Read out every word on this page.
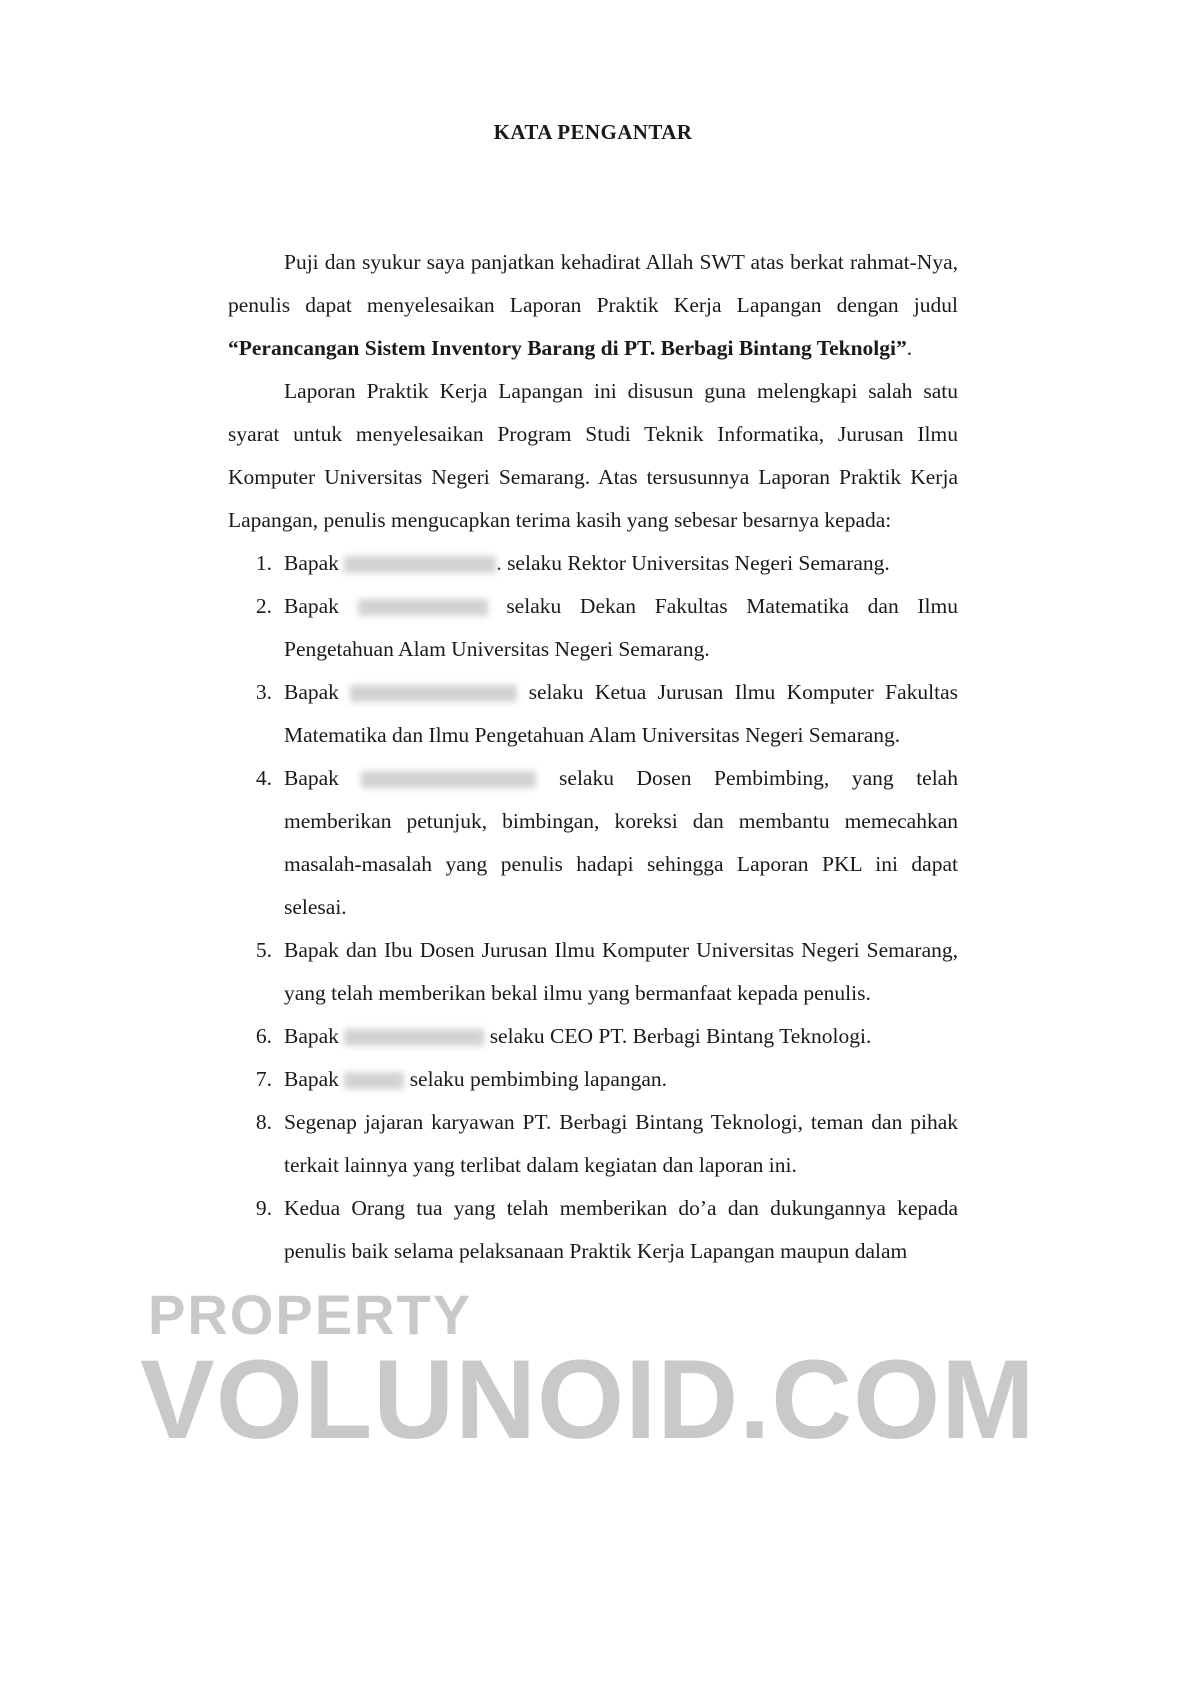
KATA PENGANTAR

Puji dan syukur saya panjatkan kehadirat Allah SWT atas berkat rahmat-Nya, penulis dapat menyelesaikan Laporan Praktik Kerja Lapangan dengan judul “Perancangan Sistem Inventory Barang di PT. Berbagi Bintang Teknolgi”.

Laporan Praktik Kerja Lapangan ini disusun guna melengkapi salah satu syarat untuk menyelesaikan Program Studi Teknik Informatika, Jurusan Ilmu Komputer Universitas Negeri Semarang. Atas tersusunnya Laporan Praktik Kerja Lapangan, penulis mengucapkan terima kasih yang sebesar besarnya kepada:

Bapak	. selaku Rektor Universitas Negeri Semarang.
Bapak	selaku Dekan Fakultas Matematika dan Ilmu Pengetahuan Alam Universitas Negeri Semarang.
Bapak	selaku Ketua Jurusan Ilmu Komputer Fakultas Matematika dan Ilmu Pengetahuan Alam Universitas Negeri Semarang.
Bapak	selaku Dosen Pembimbing, yang telah memberikan petunjuk, bimbingan, koreksi dan membantu memecahkan masalah-masalah yang penulis hadapi sehingga Laporan PKL ini dapat selesai.
Bapak dan Ibu Dosen Jurusan Ilmu Komputer Universitas Negeri Semarang, yang telah memberikan bekal ilmu yang bermanfaat kepada penulis.
Bapak	selaku CEO PT. Berbagi Bintang Teknologi.
Bapak	selaku pembimbing lapangan.
Segenap jajaran karyawan PT. Berbagi Bintang Teknologi, teman dan pihak terkait lainnya yang terlibat dalam kegiatan dan laporan ini.
Kedua Orang tua yang telah memberikan do’a dan dukungannya kepada penulis baik selama pelaksanaan Praktik Kerja Lapangan maupun dalam
PROPERTY
VOLUNOID.COM
